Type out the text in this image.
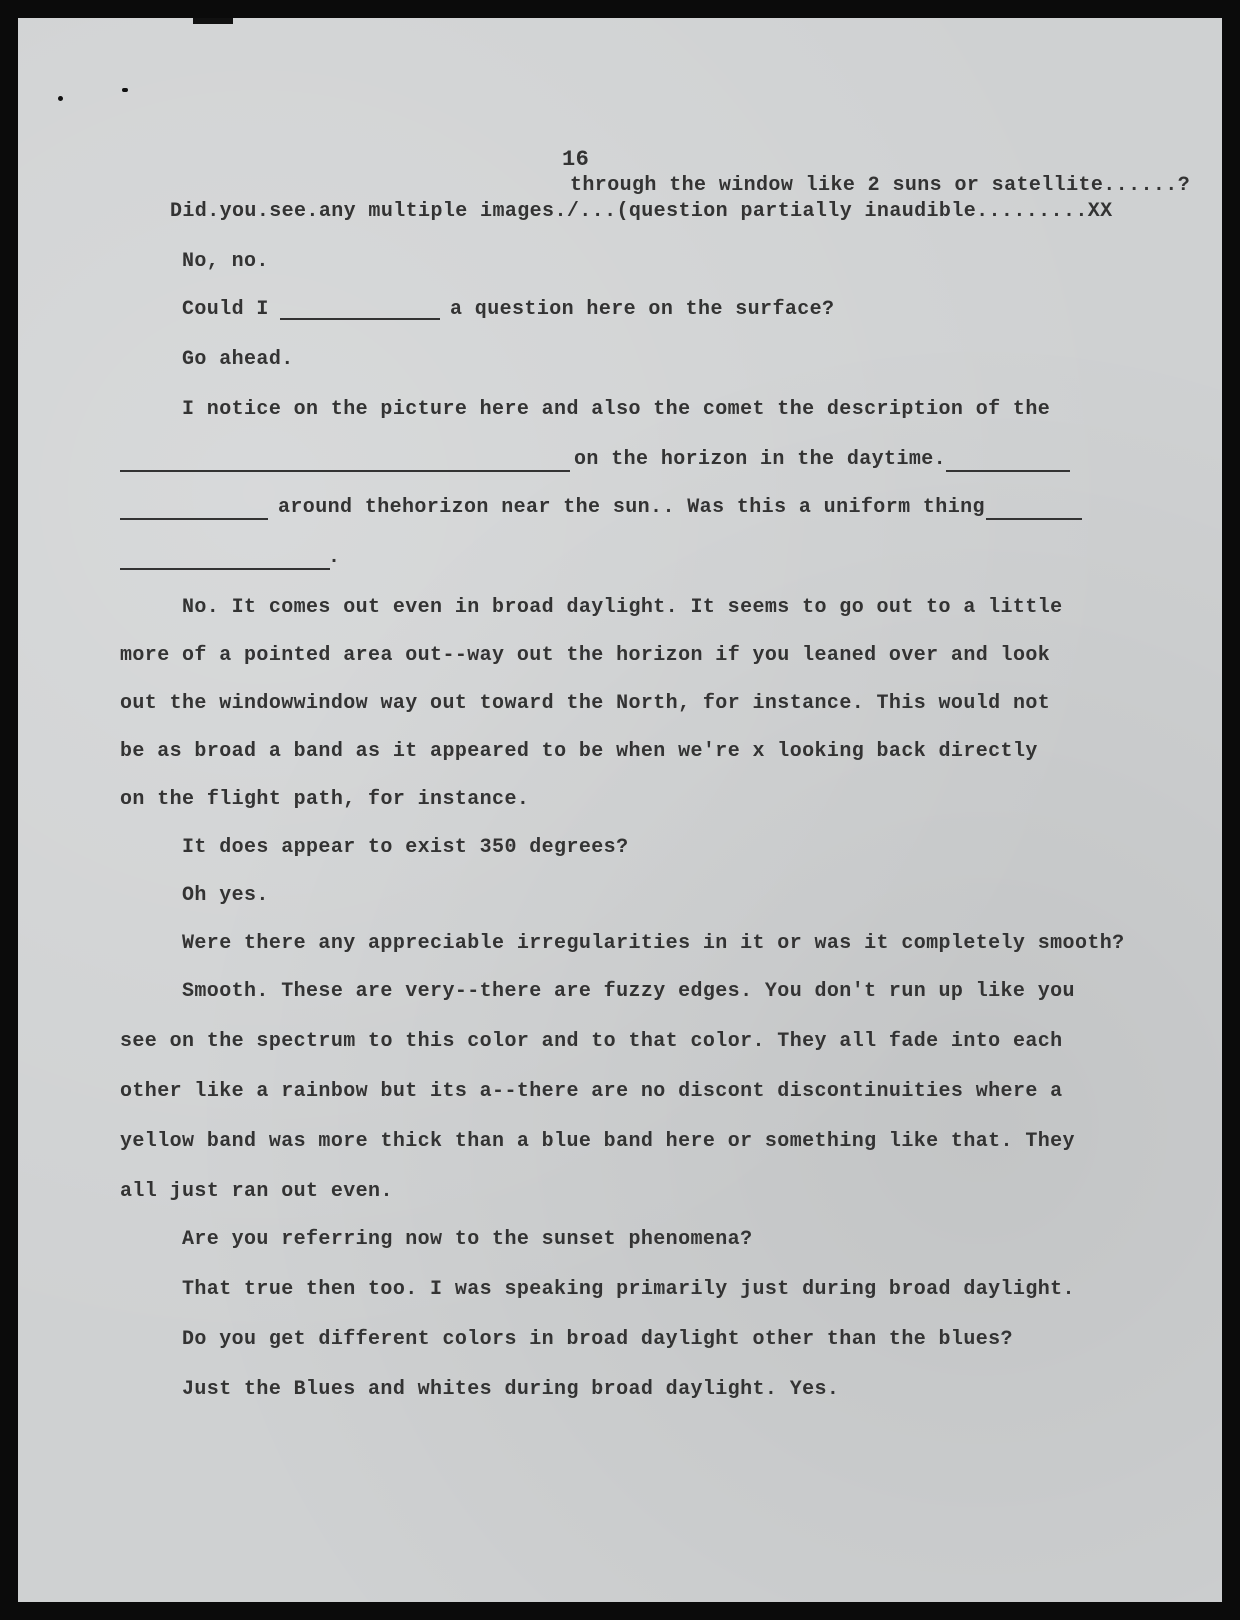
16
through the window like 2 suns or satellite......?
Did.you.see.any multiple images./...(question partially inaudible.........XX
No, no.
Could I	a question here on the surface?
Go ahead.
I notice on the picture here and also the comet the description of the
on the horizon in the daytime.
around thehorizon near the sun.. Was this a uniform thing
.
No. It comes out even in broad daylight. It seems to go out to a little
more of a pointed area out--way out the horizon if you leaned over and look
out the windowwindow way out toward the North, for instance. This would not
be as broad a band as it appeared to be when we're x looking back directly
on the flight path, for instance.
It does appear to exist 350 degrees?
Oh yes.
Were there any appreciable irregularities in it or was it completely smooth?
Smooth. These are very--there are fuzzy edges. You don't run up like you
see on the spectrum to this color and to that color. They all fade into each
other like a rainbow but its a--there are no discont discontinuities where a
yellow band was more thick than a blue band here or something like that. They
all just ran out even.
Are you referring now to the sunset phenomena?
That true then too. I was speaking primarily just during broad daylight.
Do you get different colors in broad daylight other than the blues?
Just the Blues and whites during broad daylight. Yes.
